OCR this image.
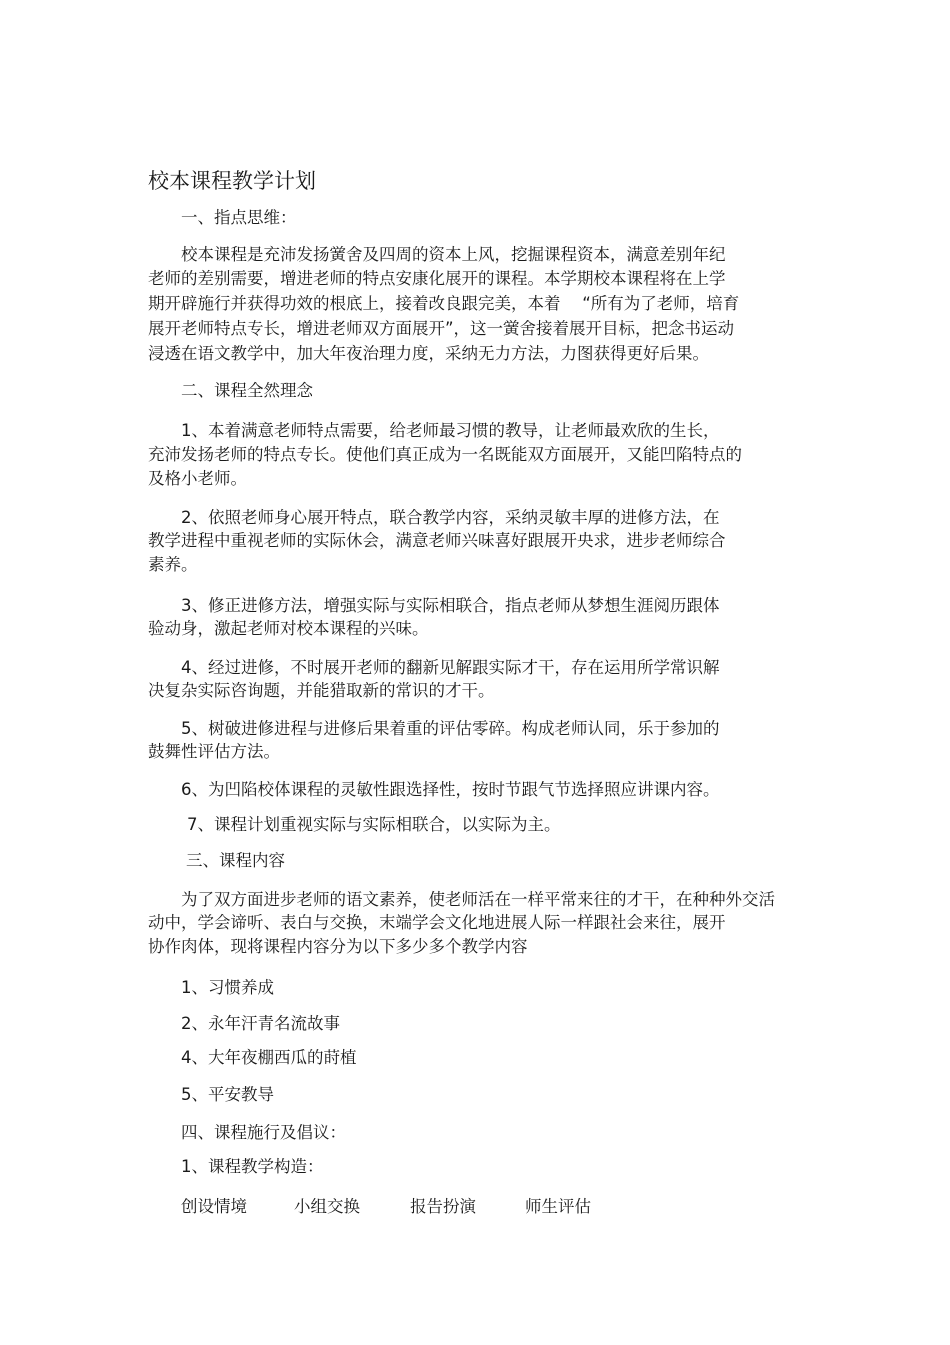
校本课程教学计划
一、指点思维：
校本课程是充沛发扬黉舍及四周的资本上风，挖掘课程资本，满意差别年纪
老师的差别需要，增进老师的特点安康化展开的课程。本学期校本课程将在上学
期开辟施行并获得功效的根底上，接着改良跟完美，本着　 “所有为了老师，培育
展开老师特点专长，增进老师双方面展开”，这一黉舍接着展开目标，把念书运动
浸透在语文教学中，加大年夜治理力度，采纳无力方法，力图获得更好后果。
二、课程全然理念
1、本着满意老师特点需要，给老师最习惯的教导，让老师最欢欣的生长，
充沛发扬老师的特点专长。使他们真正成为一名既能双方面展开，又能凹陷特点的
及格小老师。
2、依照老师身心展开特点，联合教学内容，采纳灵敏丰厚的进修方法，在
教学进程中重视老师的实际休会，满意老师兴味喜好跟展开央求，进步老师综合
素养。
3、修正进修方法，增强实际与实际相联合，指点老师从梦想生涯阅历跟体
验动身，激起老师对校本课程的兴味。
4、经过进修，不时展开老师的翻新见解跟实际才干，存在运用所学常识解
决复杂实际咨询题，并能猎取新的常识的才干。
5、树破进修进程与进修后果着重的评估零碎。构成老师认同，乐于参加的
鼓舞性评估方法。
6、为凹陷校体课程的灵敏性跟选择性，按时节跟气节选择照应讲课内容。
7、课程计划重视实际与实际相联合，以实际为主。
三、课程内容
为了双方面进步老师的语文素养，使老师活在一样平常来往的才干，在种种外交活
动中，学会谛听、表白与交换，末端学会文化地进展人际一样跟社会来往，展开
协作肉体，现将课程内容分为以下多少多个教学内容
1、习惯养成
2、永年汗青名流故事
4、大年夜棚西瓜的莳植
5、平安教导
四、课程施行及倡议：
1、课程教学构造：
创设情境	小组交换	报告扮演	师生评估
